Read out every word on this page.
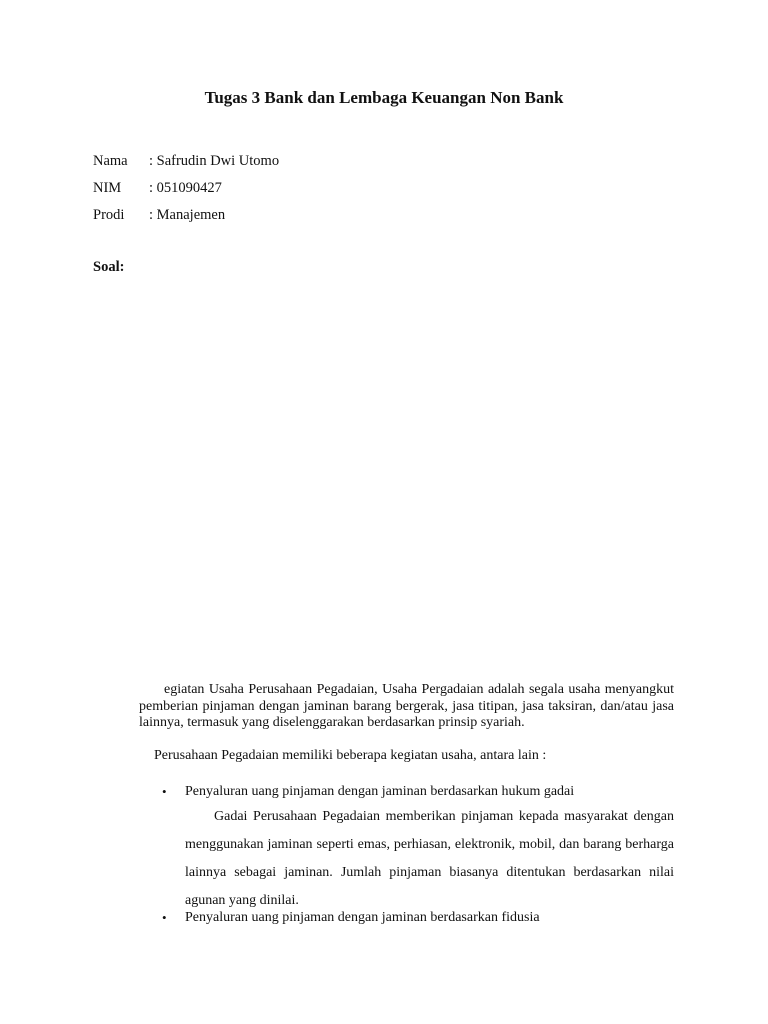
Tugas 3 Bank dan Lembaga Keuangan Non Bank
Nama : Safrudin Dwi Utomo
NIM : 051090427
Prodi : Manajemen
Soal:
egiatan Usaha Perusahaan Pegadaian, Usaha Pergadaian adalah segala usaha menyangkut pemberian pinjaman dengan jaminan barang bergerak, jasa titipan, jasa taksiran, dan/atau jasa lainnya, termasuk yang diselenggarakan berdasarkan prinsip syariah.
Perusahaan Pegadaian memiliki beberapa kegiatan usaha, antara lain :
• Penyaluran uang pinjaman dengan jaminan berdasarkan hukum gadai
Gadai Perusahaan Pegadaian memberikan pinjaman kepada masyarakat dengan menggunakan jaminan seperti emas, perhiasan, elektronik, mobil, dan barang berharga lainnya sebagai jaminan. Jumlah pinjaman biasanya ditentukan berdasarkan nilai agunan yang dinilai.
• Penyaluran uang pinjaman dengan jaminan berdasarkan fidusia
